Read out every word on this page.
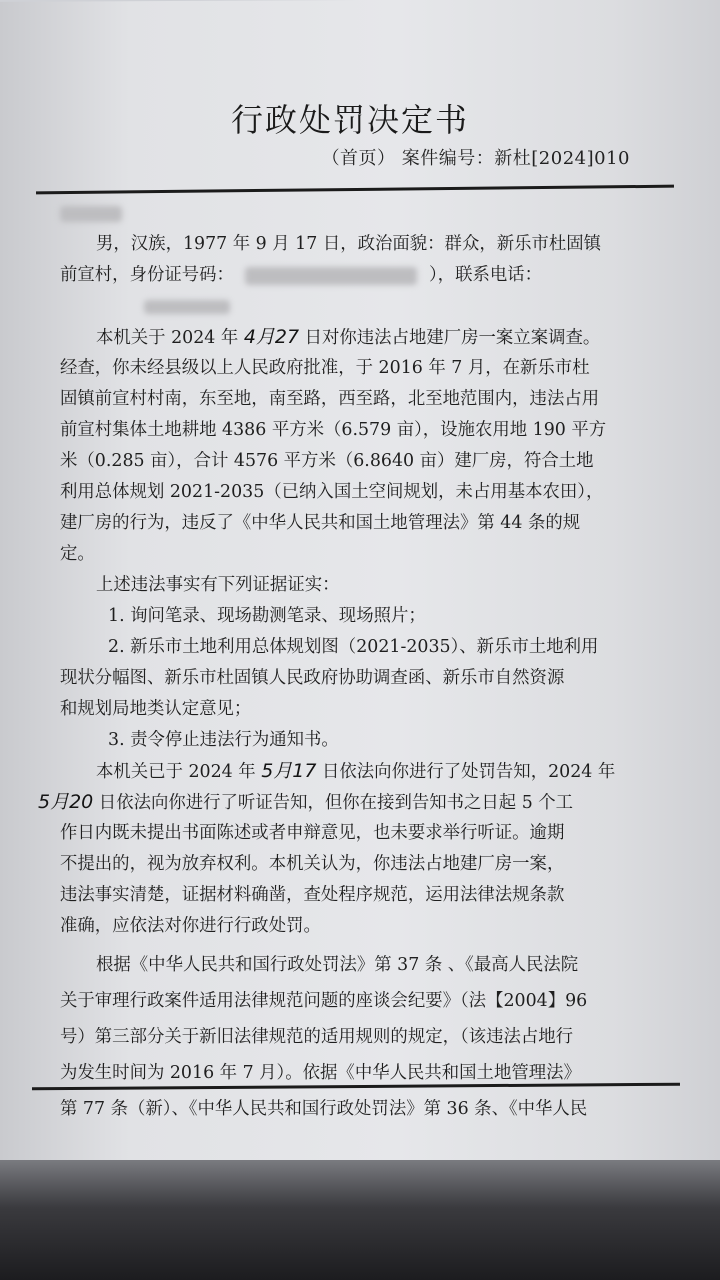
行政处罚决定书
（首页） 案件编号：新杜[2024]010
男，汉族，1977 年 9 月 17 日，政治面貌：群众，新乐市杜固镇
前宣村，身份证号码：	），联系电话：
本机关于 2024 年 4月27 日对你违法占地建厂房一案立案调查。
经查，你未经县级以上人民政府批准，于 2016 年 7 月，在新乐市杜
固镇前宣村村南，东至地，南至路，西至路，北至地范围内，违法占用
前宣村集体土地耕地 4386 平方米（6.579 亩），设施农用地 190 平方
米（0.285 亩），合计 4576 平方米（6.8640 亩）建厂房，符合土地
利用总体规划 2021-2035（已纳入国土空间规划，未占用基本农田），
建厂房的行为，违反了《中华人民共和国土地管理法》第 44 条的规
定。
上述违法事实有下列证据证实：
1. 询问笔录、现场勘测笔录、现场照片；
2. 新乐市土地利用总体规划图（2021-2035）、新乐市土地利用
现状分幅图、新乐市杜固镇人民政府协助调查函、新乐市自然资源
和规划局地类认定意见；
3. 责令停止违法行为通知书。
本机关已于 2024 年 5月17 日依法向你进行了处罚告知，2024 年
5月20 日依法向你进行了听证告知，但你在接到告知书之日起 5 个工
作日内既未提出书面陈述或者申辩意见，也未要求举行听证。逾期
不提出的，视为放弃权利。本机关认为，你违法占地建厂房一案，
违法事实清楚，证据材料确凿，查处程序规范，运用法律法规条款
准确，应依法对你进行行政处罚。
根据《中华人民共和国行政处罚法》第 37 条 、《最高人民法院
关于审理行政案件适用法律规范问题的座谈会纪要》（法【2004】96
号）第三部分关于新旧法律规范的适用规则的规定，（该违法占地行
为发生时间为 2016 年 7 月）。依据《中华人民共和国土地管理法》
第 77 条（新）、《中华人民共和国行政处罚法》第 36 条、《中华人民
